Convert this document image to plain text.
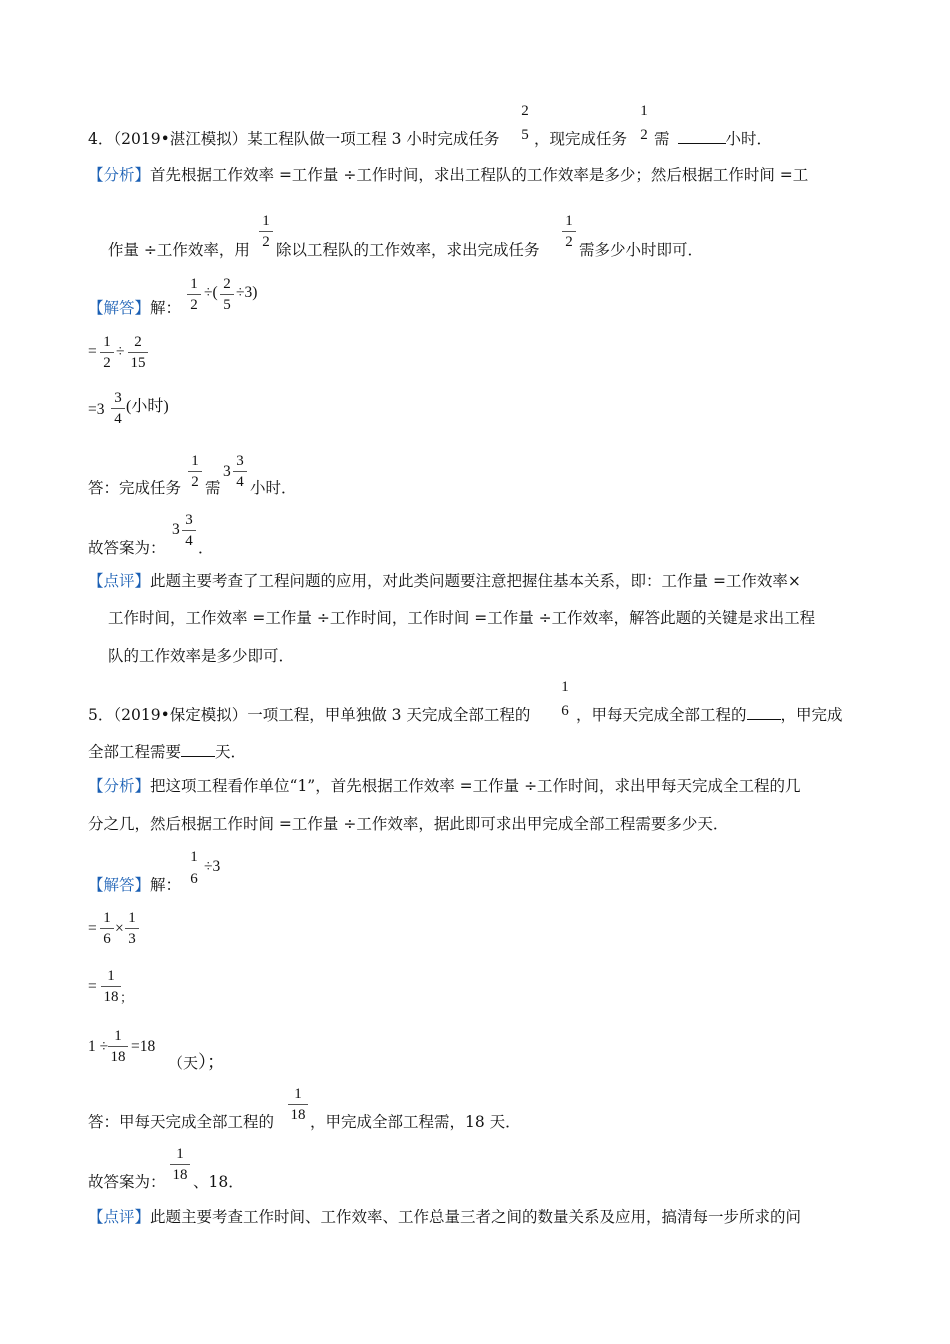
4．（2019•湛江模拟）某工程队做一项工程 3 小时完成任务
2
5 ，现完成任务
1
2 需	小时．
【分析】首先根据工作效率 =工作量 ÷工作时间，求出工程队的工作效率是多少；然后根据工作时间 =工
作量 ÷工作效率，用
1
2 除以工程队的工作效率，求出完成任务
1
2 需多少小时即可．
【解答】解：
1
2
÷( 2
5
÷3)
=
1
2
÷
2
15
=3
3
4
(小时)
答：完成任务
1
2 需
3
3
4 小时．
故答案为：
3
3
4 ．
【点评】此题主要考查了工程问题的应用，对此类问题要注意把握住基本关系，即：工作量 =工作效率×
工作时间，工作效率 =工作量 ÷工作时间，工作时间 =工作量 ÷工作效率，解答此题的关键是求出工程
队的工作效率是多少即可．
5．（2019•保定模拟）一项工程，甲单独做 3 天完成全部工程的
1
6 ，甲每天完成全部工程的 ，甲完成
全部工程需要 天．
【分析】把这项工程看作单位“1”，首先根据工作效率 =工作量 ÷工作时间，求出甲每天完成全工程的几
分之几，然后根据工作时间 =工作量 ÷工作效率，据此即可求出甲完成全部工程需要多少天．
【解答】解：
1
6
÷3
=
1
6
×
1
3
=
1
18 ；
1 ÷
1
18
=18
（天）；
答：甲每天完成全部工程的
1
18 ，甲完成全部工程需，18 天．
故答案为：
1
18 、18．
【点评】此题主要考查工作时间、工作效率、工作总量三者之间的数量关系及应用，搞清每一步所求的问
